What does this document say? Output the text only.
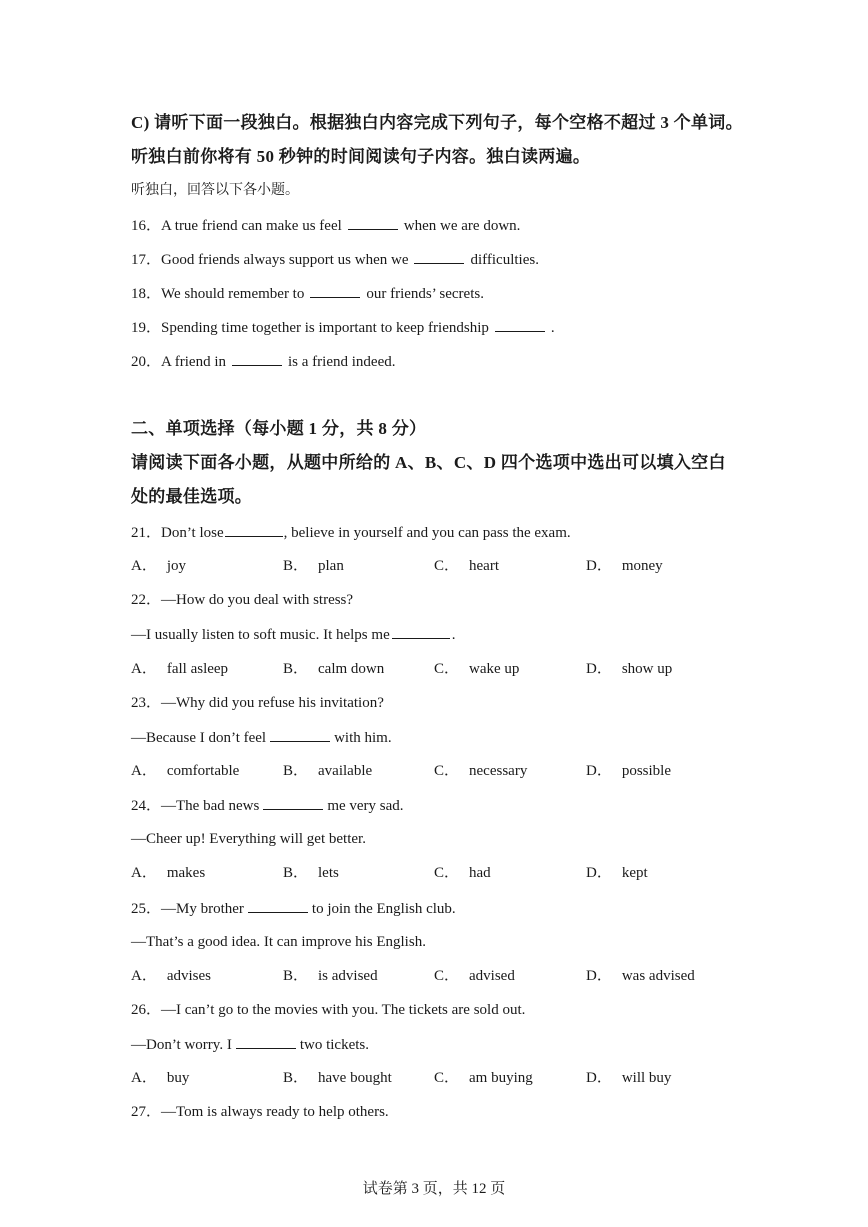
C) 请听下面一段独白。根据独白内容完成下列句子，每个空格不超过 3 个单词。
听独白前你将有 50 秒钟的时间阅读句子内容。独白读两遍。
听独白，回答以下各小题。
16．A true friend can make us feel	when we are down.
17．Good friends always support us when we	difficulties.
18．We should remember to	our friends’ secrets.
19．Spending time together is important to keep friendship	.
20．A friend in	is a friend indeed.
二、单项选择（每小题 1 分，共 8 分）
请阅读下面各小题，从题中所给的 A、B、C、D 四个选项中选出可以填入空白
处的最佳选项。
21．Don’t lose	, believe in yourself and you can pass the exam.
A． joy	B． plan	C． heart	D． money
22．—How do you deal with stress?
—I usually listen to soft music. It helps me	.
A． fall asleep	B． calm down	C． wake up	D． show up
23．—Why did you refuse his invitation?
—Because I don’t feel	with him.
A． comfortable	B． available	C． necessary	D． possible
24．—The bad news	me very sad.
—Cheer up! Everything will get better.
A． makes	B． lets	C． had	D． kept
25．—My brother	to join the English club.
—That’s a good idea. It can improve his English.
A． advises	B． is advised	C． advised	D． was advised
26．—I can’t go to the movies with you. The tickets are sold out.
—Don’t worry. I	two tickets.
A． buy	B． have bought	C． am buying	D． will buy
27．—Tom is always ready to help others.
试卷第 3 页，共 12 页
